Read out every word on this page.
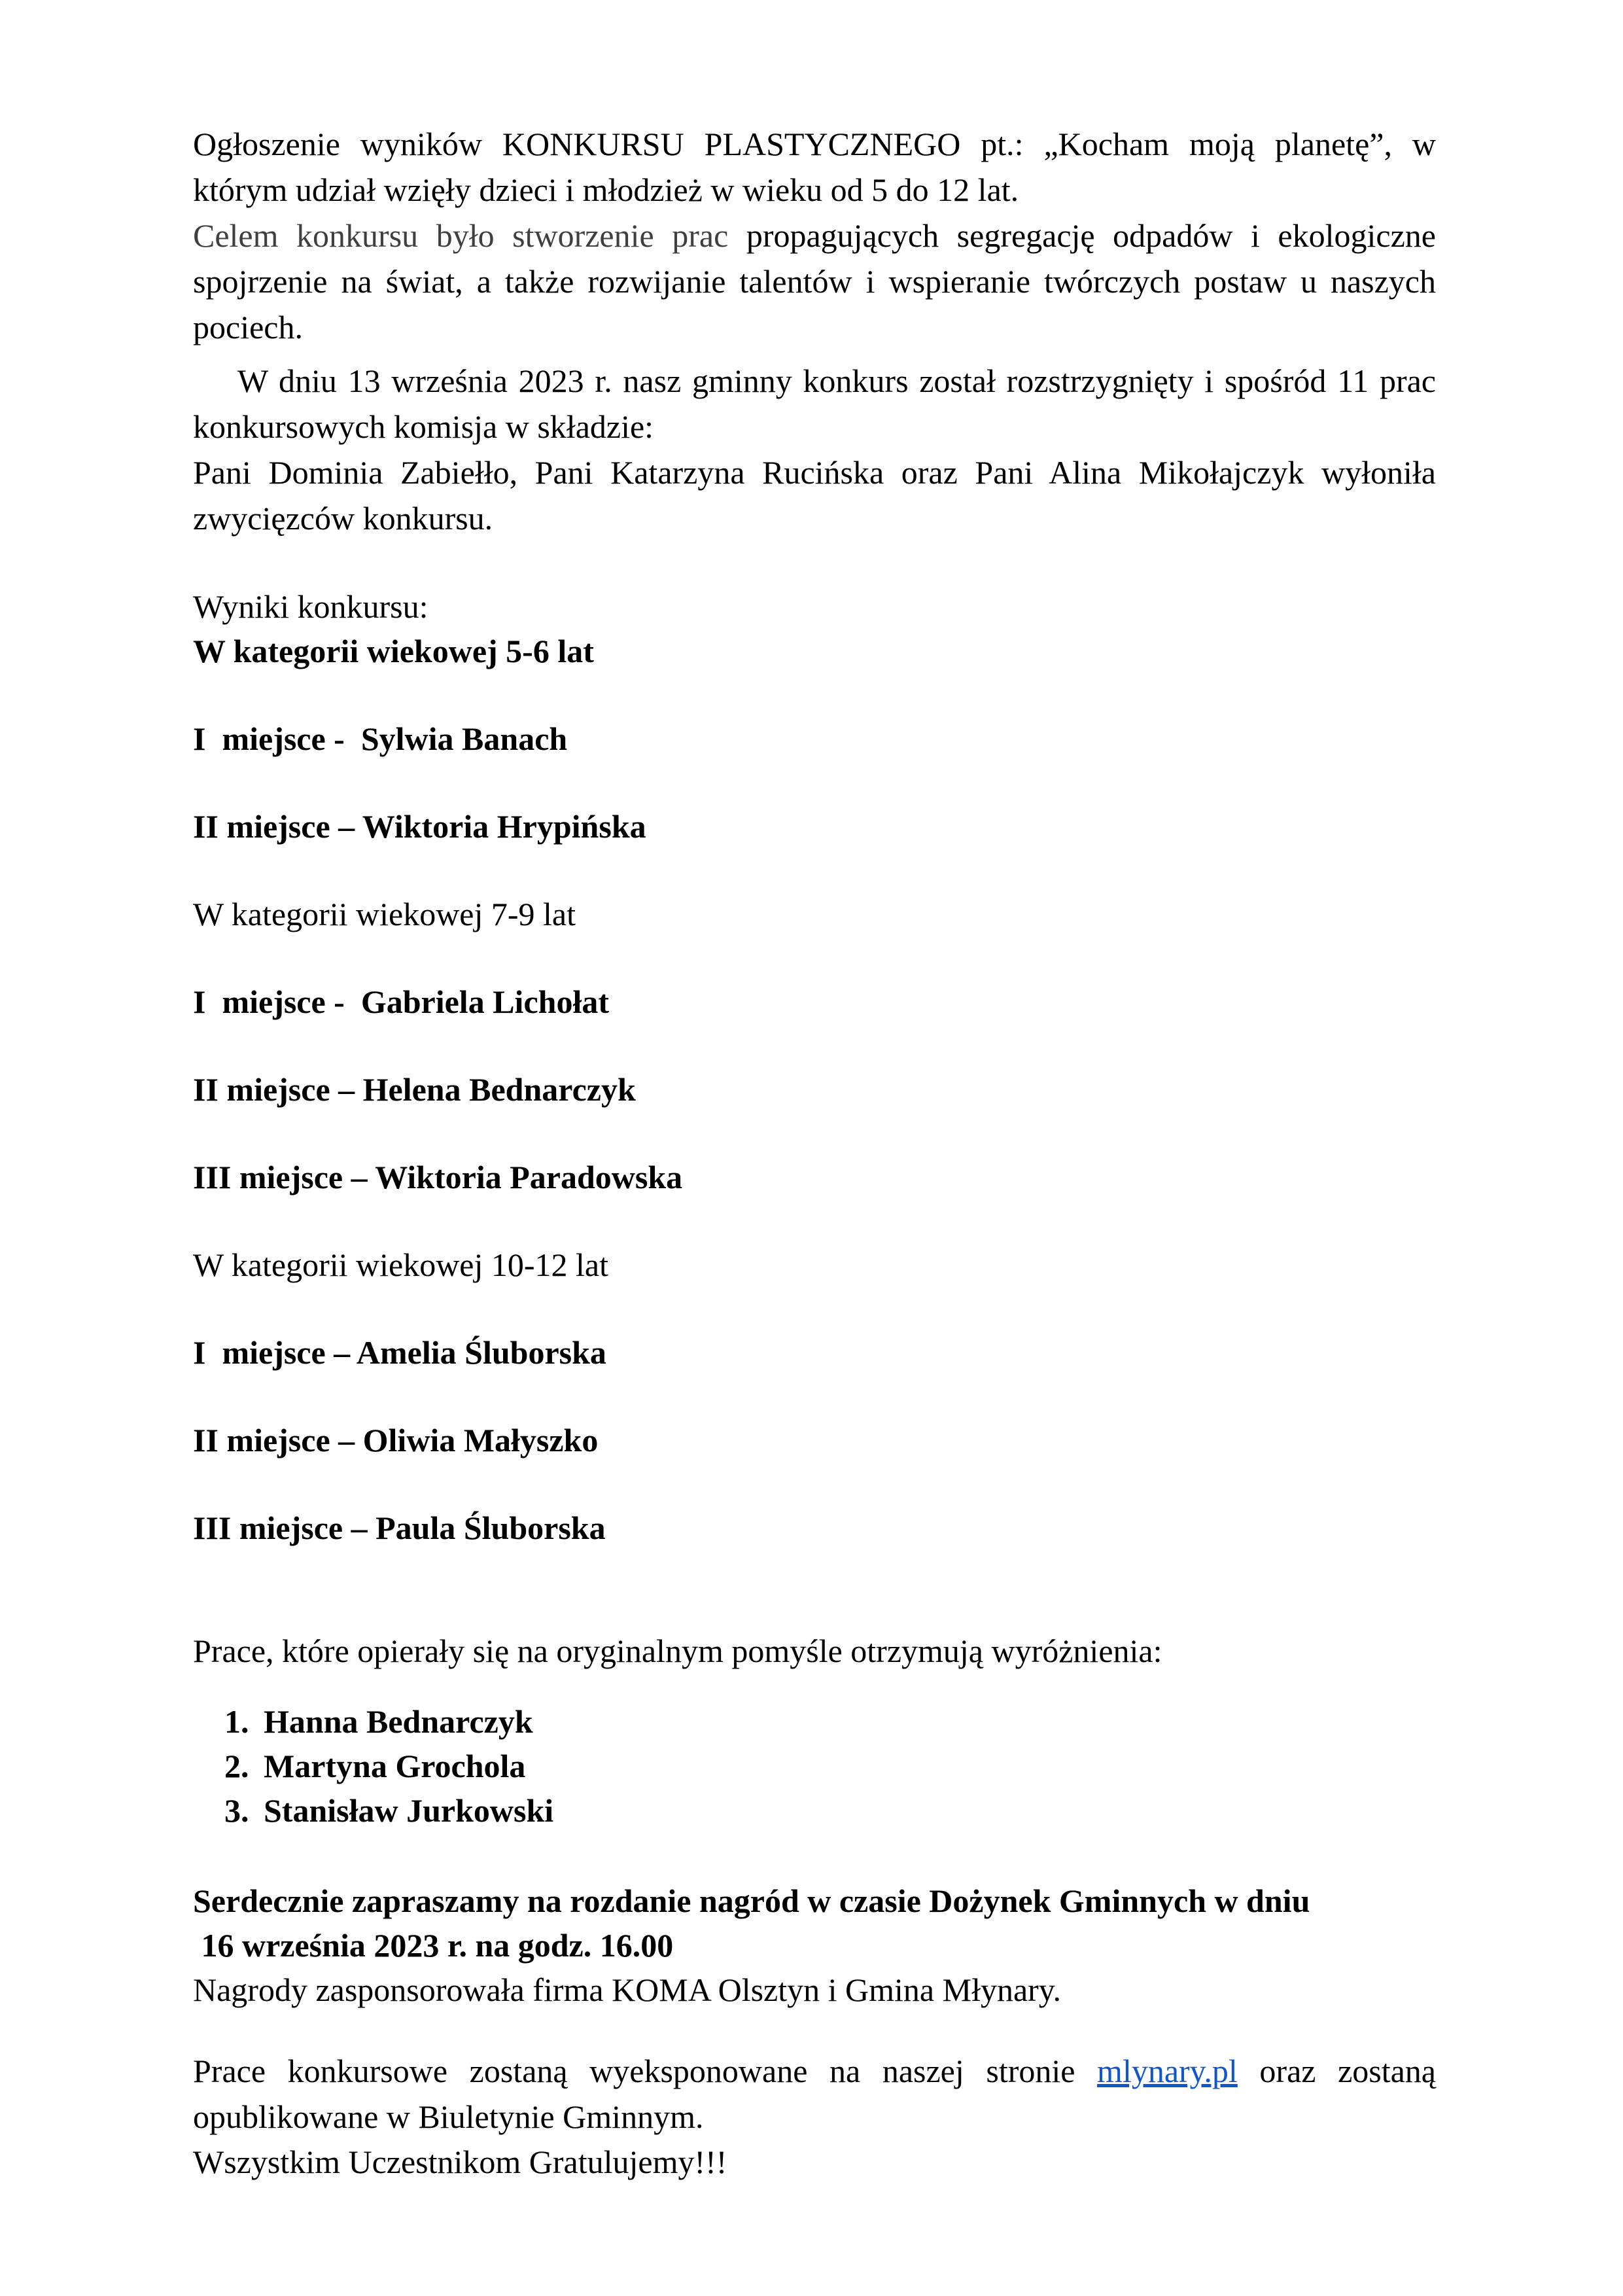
Ogłoszenie wyników KONKURSU PLASTYCZNEGO pt.: „Kocham moją planetę”, w którym udział wzięły dzieci i młodzież w wieku od 5 do 12 lat.

Celem konkursu było stworzenie prac propagujących segregację odpadów i ekologiczne spojrzenie na świat, a także rozwijanie talentów i wspieranie twórczych postaw u naszych pociech.

W dniu 13 września 2023 r. nasz gminny konkurs został rozstrzygnięty i spośród 11 prac konkursowych komisja w składzie:

Pani Dominia Zabiełło, Pani Katarzyna Rucińska oraz Pani Alina Mikołajczyk wyłoniła zwycięzców konkursu.

Wyniki konkursu:

W kategorii wiekowej 5-6 lat

I  miejsce -  Sylwia Banach

II miejsce – Wiktoria Hrypińska

W kategorii wiekowej 7-9 lat

I  miejsce -  Gabriela Lichołat

II miejsce – Helena Bednarczyk

III miejsce – Wiktoria Paradowska

W kategorii wiekowej 10-12 lat

I  miejsce – Amelia Śluborska

II miejsce – Oliwia Małyszko

III miejsce – Paula Śluborska

Prace, które opierały się na oryginalnym pomyśle otrzymują wyróżnienia:

1. Hanna Bednarczyk
2. Martyna Grochola
3. Stanisław Jurkowski

Serdecznie zapraszamy na rozdanie nagród w czasie Dożynek Gminnych w dniu

16 września 2023 r. na godz. 16.00

Nagrody zasponsorowała firma KOMA Olsztyn i Gmina Młynary.

Prace konkursowe zostaną wyeksponowane na naszej stronie mlynary.pl oraz zostaną opublikowane w Biuletynie Gminnym.

Wszystkim Uczestnikom Gratulujemy!!!
